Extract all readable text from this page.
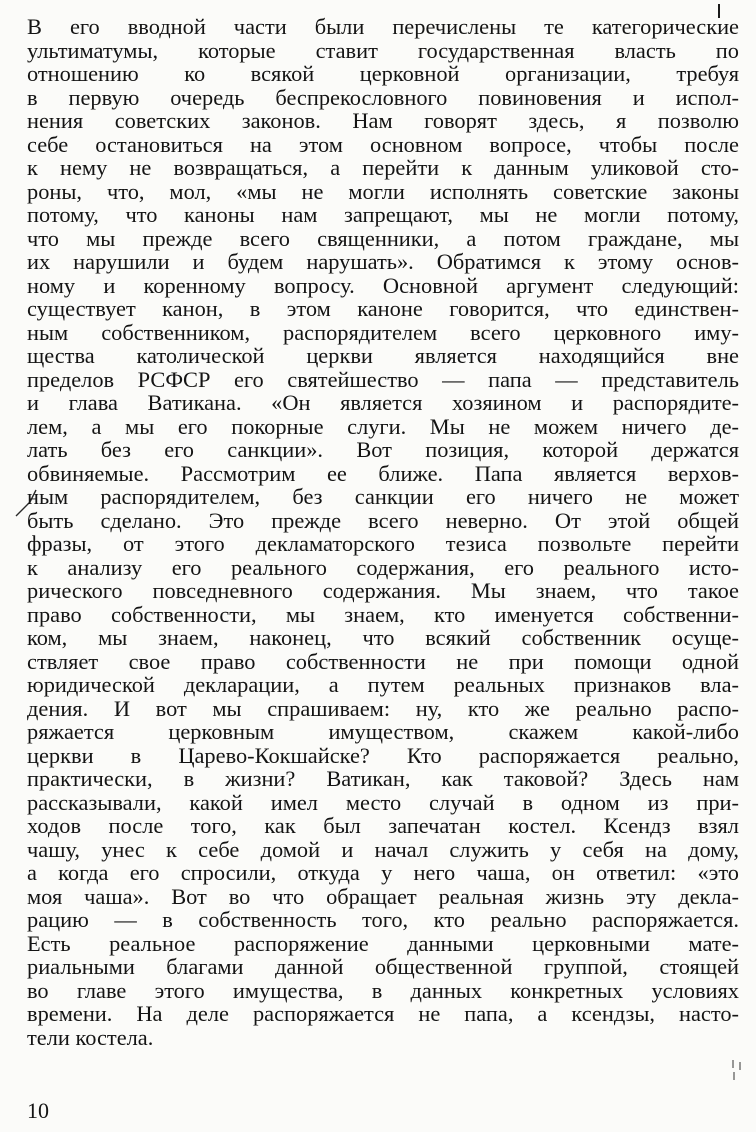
В его вводной части были перечислены те категорические
ультиматумы, которые ставит государственная власть по
отношению ко всякой церковной организации, требуя
в первую очередь беспрекословного повиновения и испол-
нения советских законов. Нам говорят здесь, я позволю
себе остановиться на этом основном вопросе, чтобы после
к нему не возвращаться, а перейти к данным уликовой сто-
роны, что, мол, «мы не могли исполнять советские законы
потому, что каноны нам запрещают, мы не могли потому,
что мы прежде всего священники, а потом граждане, мы
их нарушили и будем нарушать». Обратимся к этому основ-
ному и коренному вопросу. Основной аргумент следующий:
существует канон, в этом каноне говорится, что единствен-
ным собственником, распорядителем всего церковного иму-
щества католической церкви является находящийся вне
пределов РСФСР его святейшество — папа — представитель
и глава Ватикана. «Он является хозяином и распорядите-
лем, а мы его покорные слуги. Мы не можем ничего де-
лать без его санкции». Вот позиция, которой держатся
обвиняемые. Рассмотрим ее ближе. Папа является верхов-
ным распорядителем, без санкции его ничего не может
быть сделано. Это прежде всего неверно. От этой общей
фразы, от этого декламаторского тезиса позвольте перейти
к анализу его реального содержания, его реального исто-
рического повседневного содержания. Мы знаем, что такое
право собственности, мы знаем, кто именуется собственни-
ком, мы знаем, наконец, что всякий собственник осуще-
ствляет свое право собственности не при помощи одной
юридической декларации, а путем реальных признаков вла-
дения. И вот мы спрашиваем: ну, кто же реально распо-
ряжается церковным имуществом, скажем какой-либо
церкви в Царево-Кокшайске? Кто распоряжается реально,
практически, в жизни? Ватикан, как таковой? Здесь нам
рассказывали, какой имел место случай в одном из при-
ходов после того, как был запечатан костел. Ксендз взял
чашу, унес к себе домой и начал служить у себя на дому,
а когда его спросили, откуда у него чаша, он ответил: «это
моя чаша». Вот во что обращает реальная жизнь эту декла-
рацию — в собственность того, кто реально распоряжается.
Есть реальное распоряжение данными церковными мате-
риальными благами данной общественной группой, стоящей
во главе этого имущества, в данных конкретных условиях
времени. На деле распоряжается не папа, а ксендзы, насто-
тели костела.
10
